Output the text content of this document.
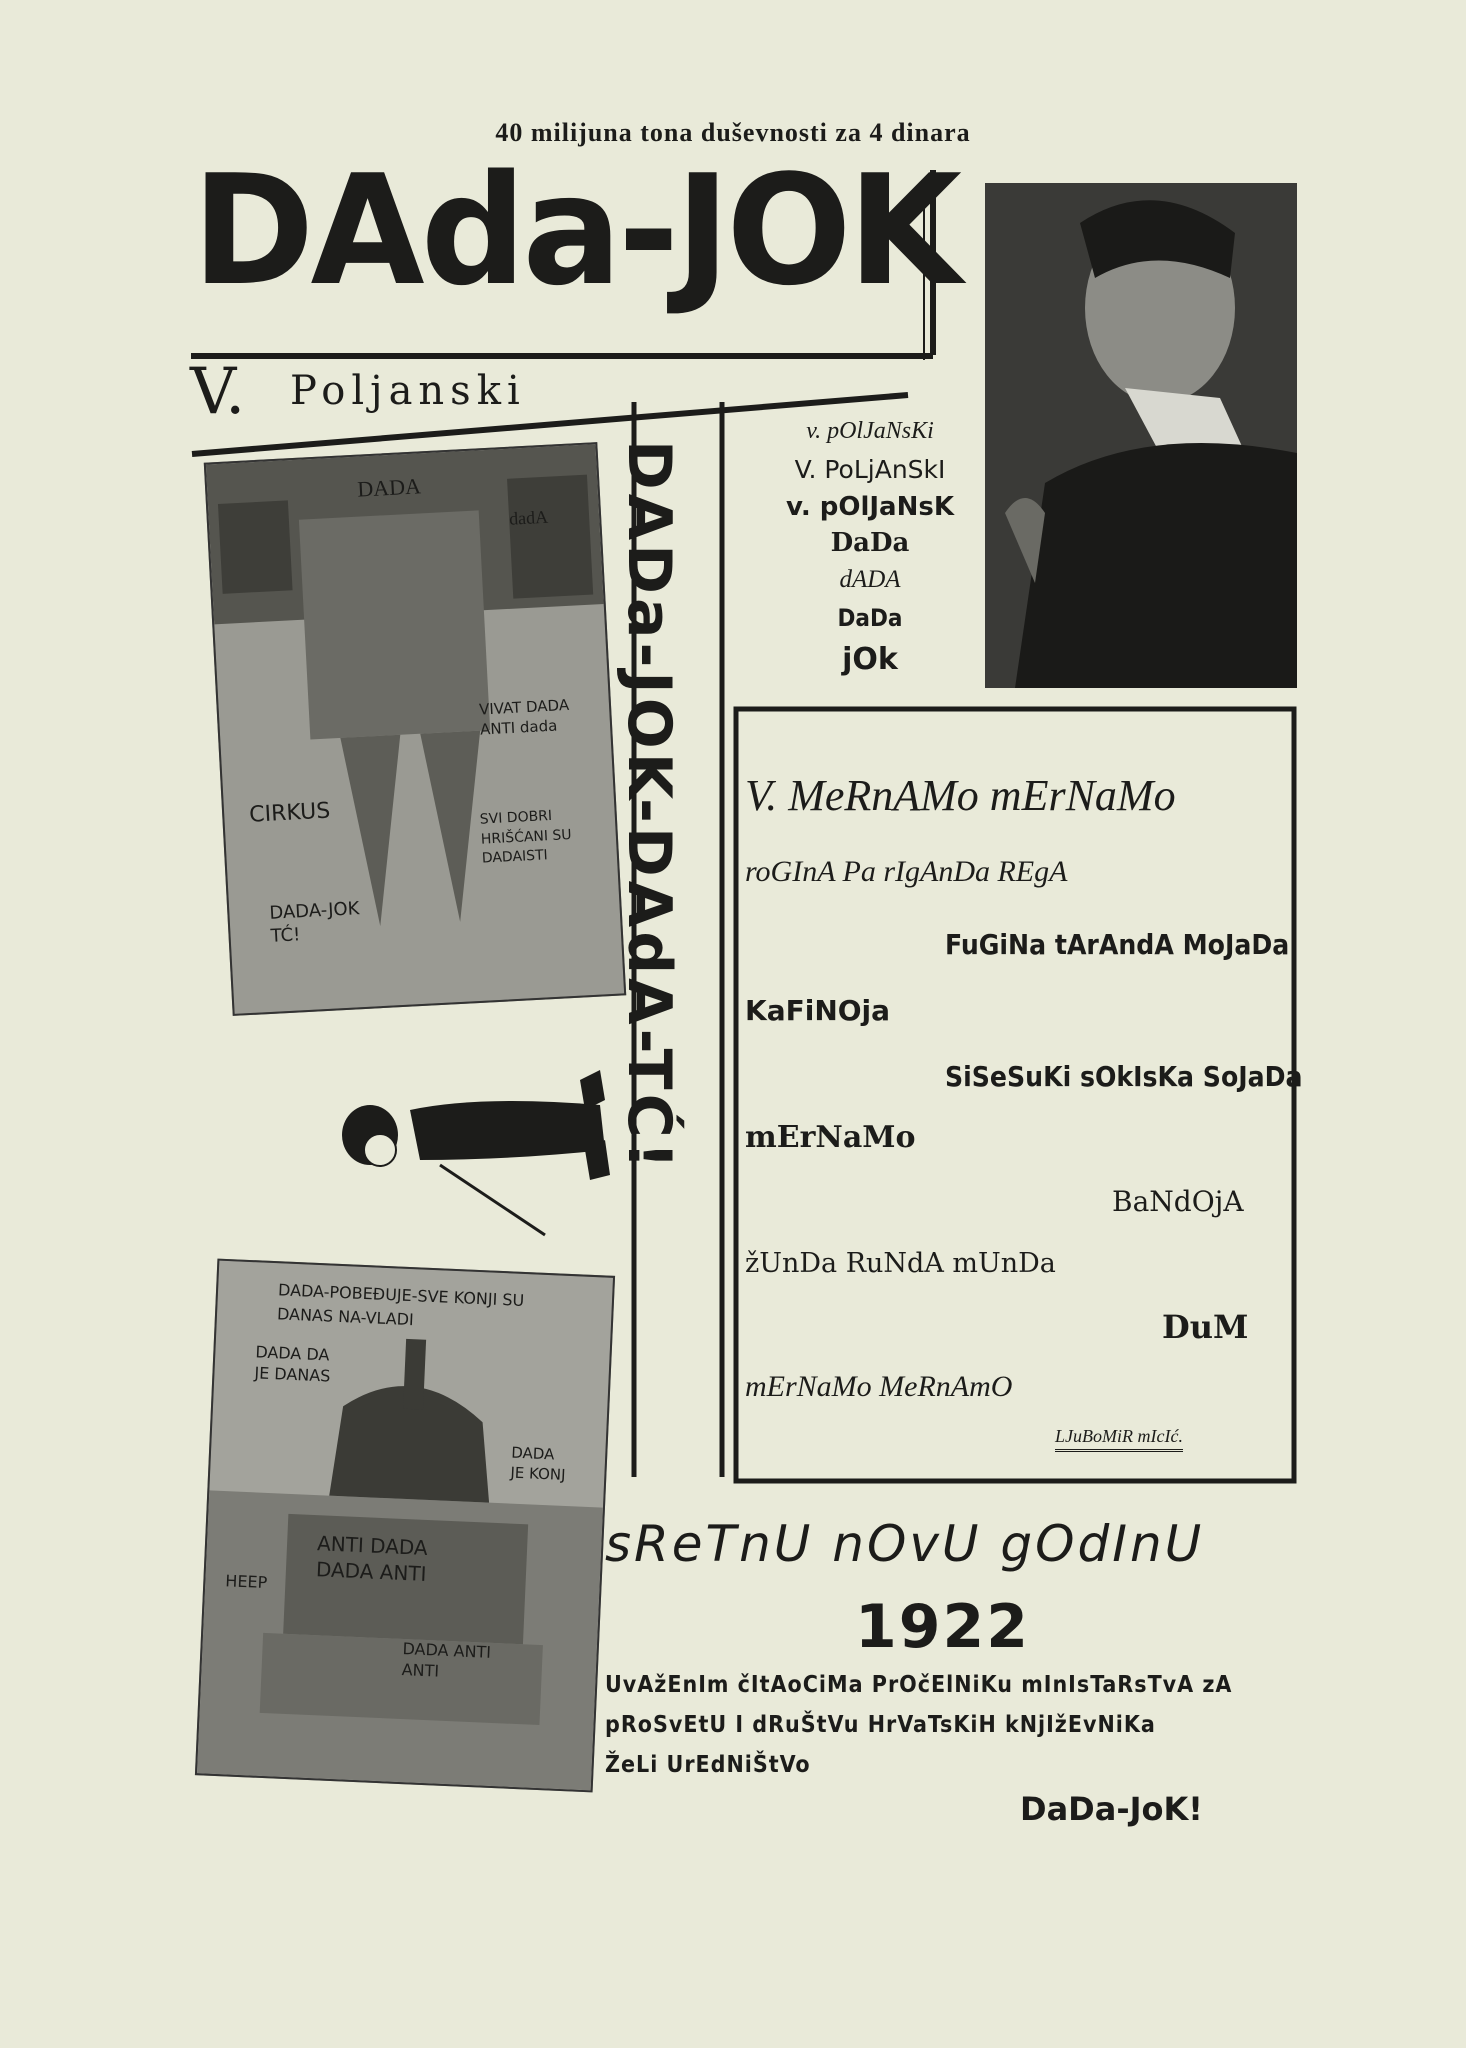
40 milijuna tona duševnosti za 4 dinara
DAda-JOK
V. Poljanski
DADa-JOK-DAdA-TĆ!
v. pOlJaNsKi
V. PoLjAnSkI
v. pOlJaNsK
DaDa
dADA
DaDa
jOk
V. MeRnAMo mErNaMo
roGInA Pa rIgAnDa REgA
FuGiNa tArAndA MoJaDa
KaFiNOja
SiSeSuKi sOkIsKa SoJaDa
mErNaMo
BaNdOjA
žUnDa RuNdA mUnDa
DuM
mErNaMo MeRnAmO
LJuBoMiR mIcIć.
DADA
dadA
VIVAT DADA ANTI dada
CIRKUS	SVI DOBRI HRIŠĆANI SU DADAISTI
DADA-JOK TĆ!
DADA-POBEĐUJE-SVE KONJI SU DANAS NA-VLADI
DADA DA JE DANAS
DADA JE KONJ
ANTI DADA DADA ANTI
HEEP
DADA ANTI ANTI
sReTnU nOvU gOdInU
1922
UvAžEnIm čItAoCiMa PrOčElNiKu mInIsTaRsTvA zA
pRoSvEtU I dRuŠtVu HrVaTsKiH kNjIžEvNiKa
ŽeLi UrEdNiŠtVo
DaDa-JoK!
